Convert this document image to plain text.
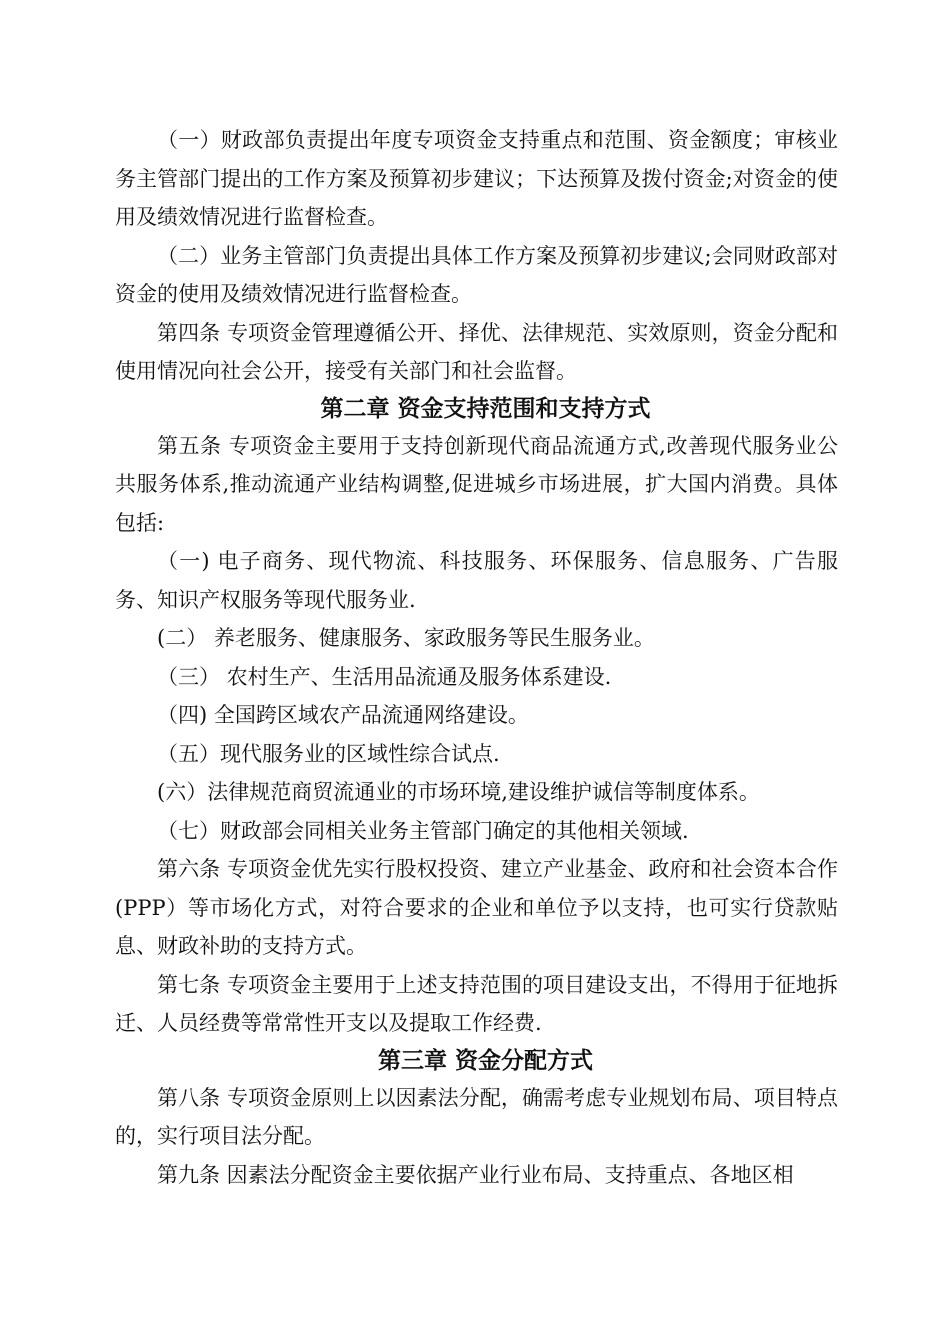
（一）财政部负责提出年度专项资金支持重点和范围、资金额度；审核业务主管部门提出的工作方案及预算初步建议；下达预算及拨付资金;对资金的使用及绩效情况进行监督检查。

（二）业务主管部门负责提出具体工作方案及预算初步建议;会同财政部对资金的使用及绩效情况进行监督检查。

第四条 专项资金管理遵循公开、择优、法律规范、实效原则，资金分配和使用情况向社会公开，接受有关部门和社会监督。

第二章 资金支持范围和支持方式

第五条 专项资金主要用于支持创新现代商品流通方式,改善现代服务业公共服务体系,推动流通产业结构调整,促进城乡市场进展，扩大国内消费。具体包括:

（一) 电子商务、现代物流、科技服务、环保服务、信息服务、广告服务、知识产权服务等现代服务业.

(二） 养老服务、健康服务、家政服务等民生服务业。

（三） 农村生产、生活用品流通及服务体系建设.

（四) 全国跨区域农产品流通网络建设。

（五）现代服务业的区域性综合试点.

(六）法律规范商贸流通业的市场环境,建设维护诚信等制度体系。

（七）财政部会同相关业务主管部门确定的其他相关领域.

第六条 专项资金优先实行股权投资、建立产业基金、政府和社会资本合作(PPP）等市场化方式，对符合要求的企业和单位予以支持，也可实行贷款贴息、财政补助的支持方式。

第七条 专项资金主要用于上述支持范围的项目建设支出，不得用于征地拆迁、人员经费等常常性开支以及提取工作经费.

第三章 资金分配方式

第八条 专项资金原则上以因素法分配，确需考虑专业规划布局、项目特点的，实行项目法分配。

第九条 因素法分配资金主要依据产业行业布局、支持重点、各地区相
